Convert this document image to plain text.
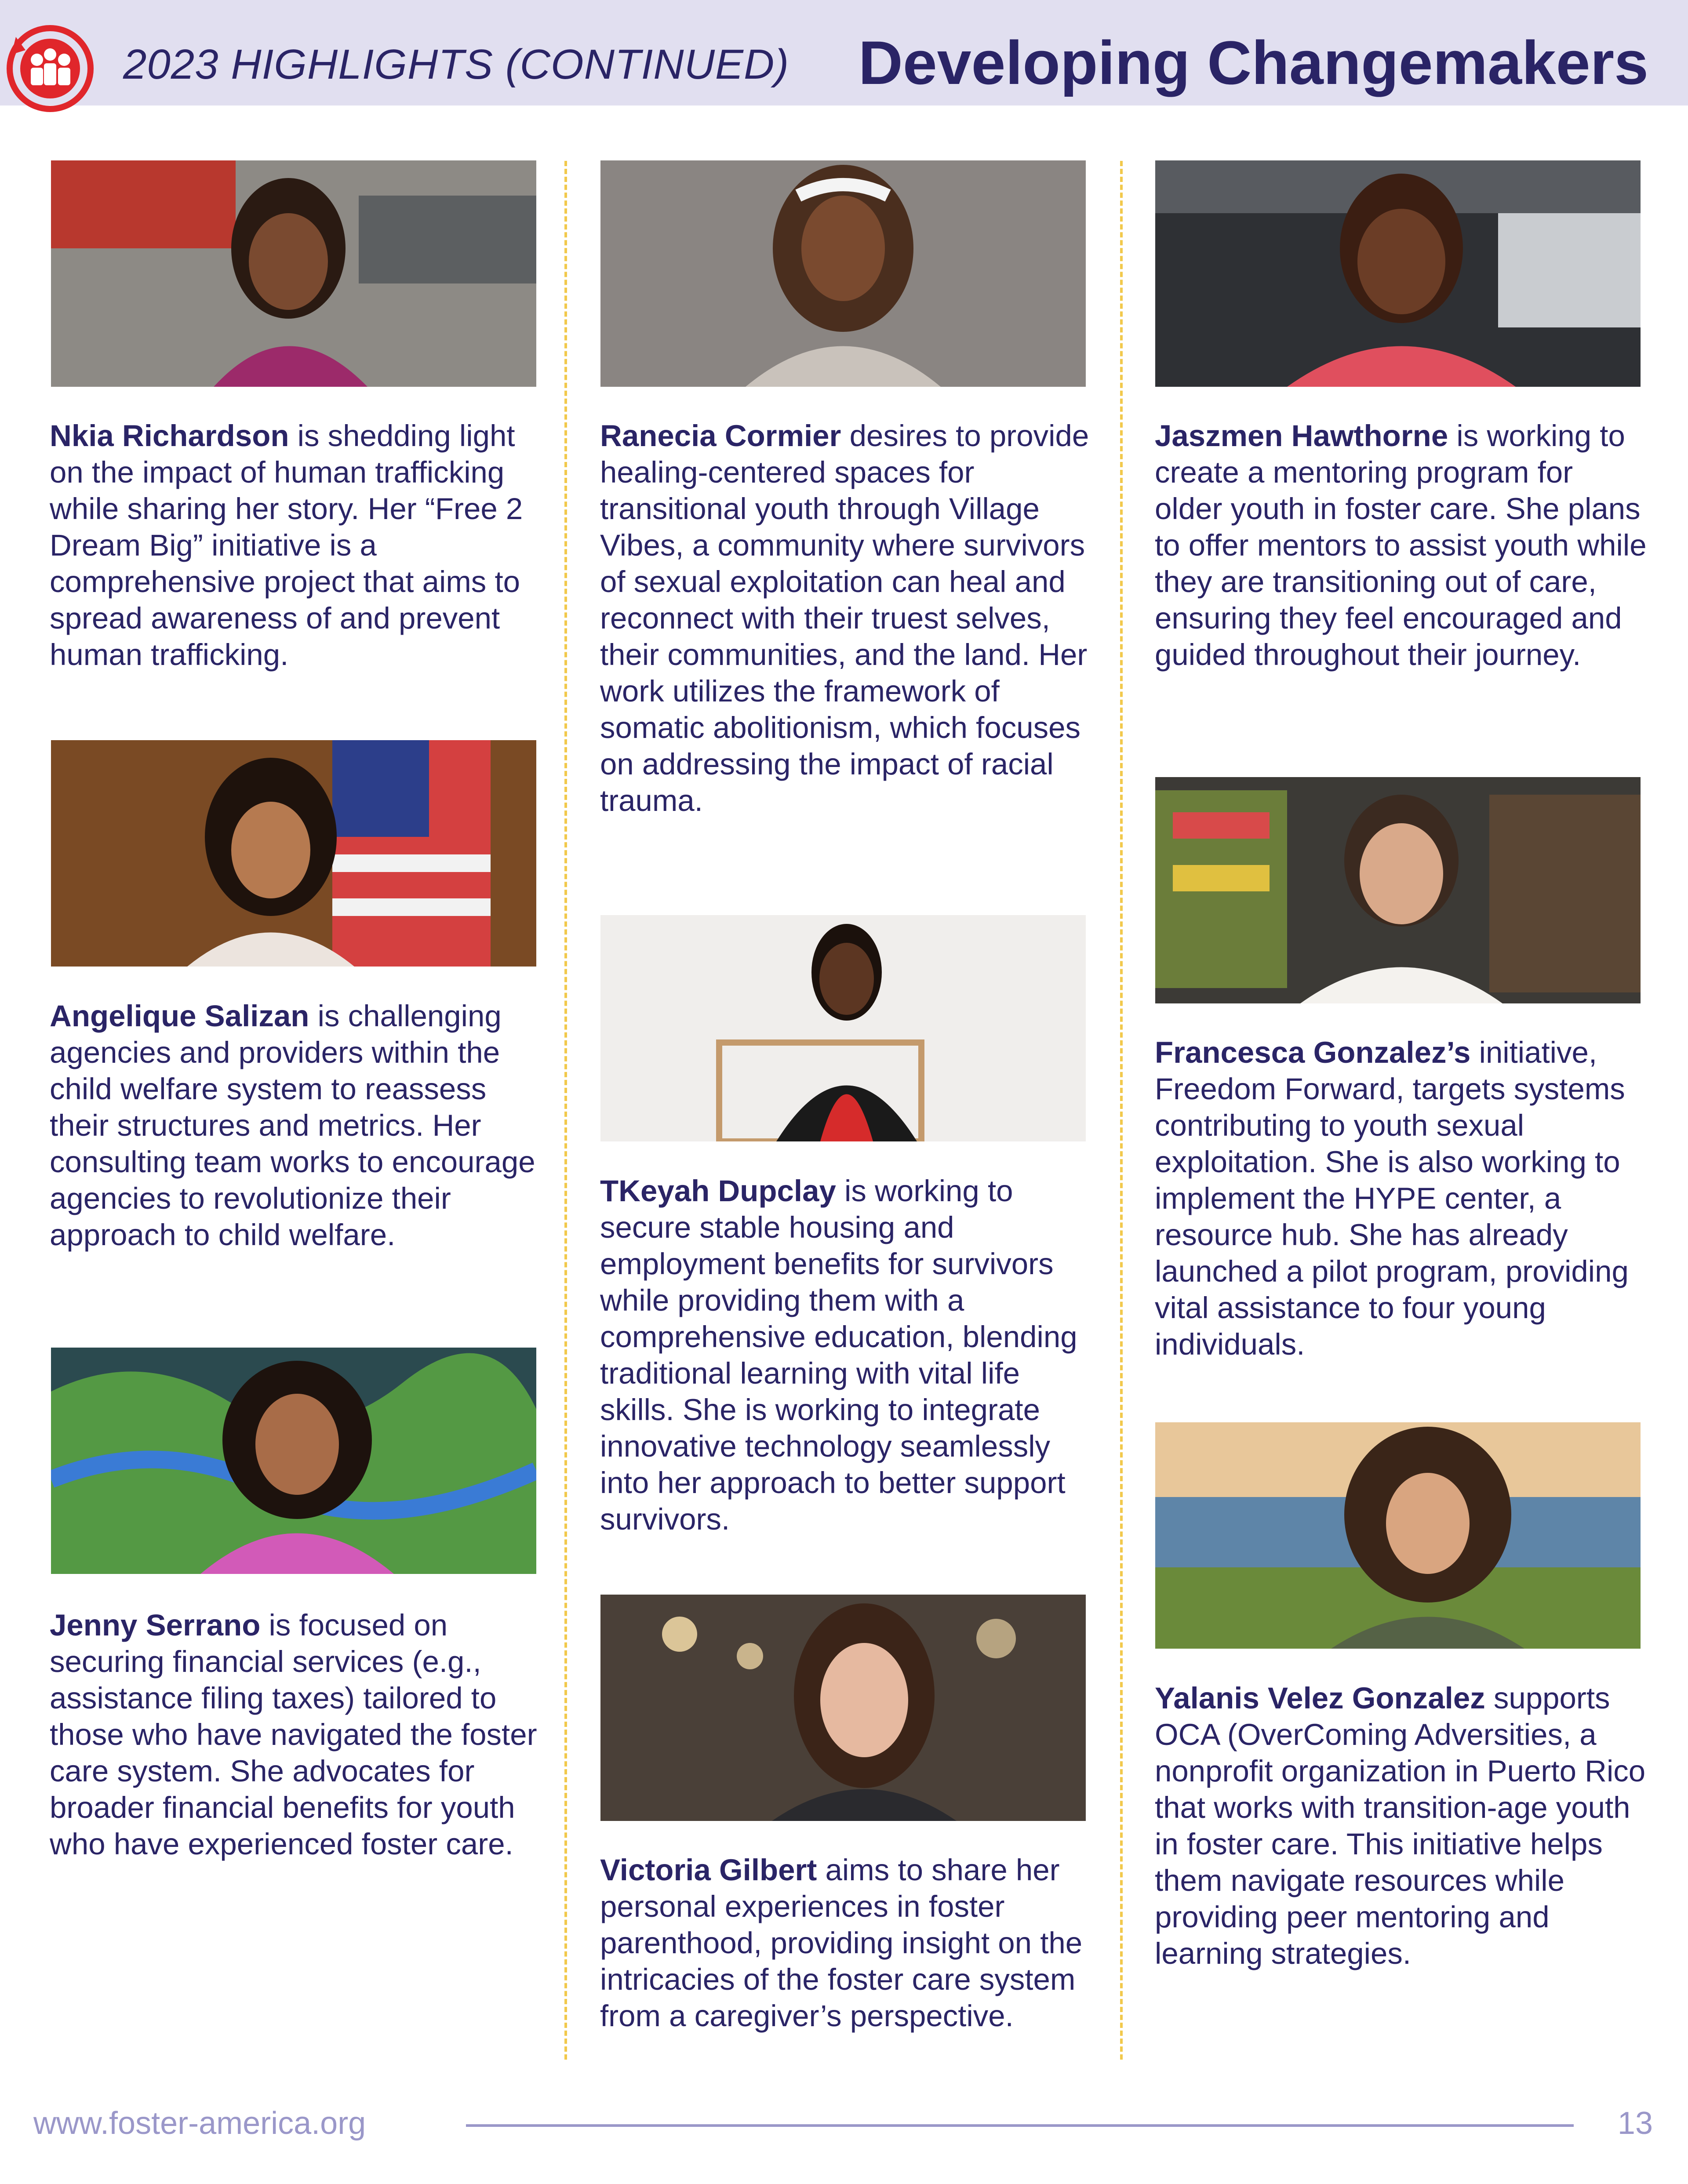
2023 HIGHLIGHTS (CONTINUED) Developing Changemakers
Nkia Richardson is shedding light on the impact of human trafficking while sharing her story. Her “Free 2 Dream Big” initiative is a comprehensive project that aims to spread awareness of and prevent human trafficking.
Angelique Salizan is challenging agencies and providers within the child welfare system to reassess their structures and metrics. Her consulting team works to encourage agencies to revolutionize their approach to child welfare.
Jenny Serrano is focused on securing financial services (e.g., assistance filing taxes) tailored to those who have navigated the foster care system. She advocates for broader financial benefits for youth who have experienced foster care.
Ranecia Cormier desires to provide healing-centered spaces for transitional youth through Village Vibes, a community where survivors of sexual exploitation can heal and reconnect with their truest selves, their communities, and the land. Her work utilizes the framework of somatic abolitionism, which focuses on addressing the impact of racial trauma.
TKeyah Dupclay is working to secure stable housing and employment benefits for survivors while providing them with a comprehensive education, blending traditional learning with vital life skills. She is working to integrate innovative technology seamlessly into her approach to better support survivors.
Victoria Gilbert aims to share her personal experiences in foster parenthood, providing insight on the intricacies of the foster care system from a caregiver’s perspective.
Jaszmen Hawthorne is working to create a mentoring program for older youth in foster care. She plans to offer mentors to assist youth while they are transitioning out of care, ensuring they feel encouraged and guided throughout their journey.
Francesca Gonzalez’s initiative, Freedom Forward, targets systems contributing to youth sexual exploitation. She is also working to implement the HYPE center, a resource hub. She has already launched a pilot program, providing vital assistance to four young individuals.
Yalanis Velez Gonzalez supports OCA (OverComing Adversities, a nonprofit organization in Puerto Rico that works with transition-age youth in foster care. This initiative helps them navigate resources while providing peer mentoring and learning strategies.
www.foster-america.org	13
